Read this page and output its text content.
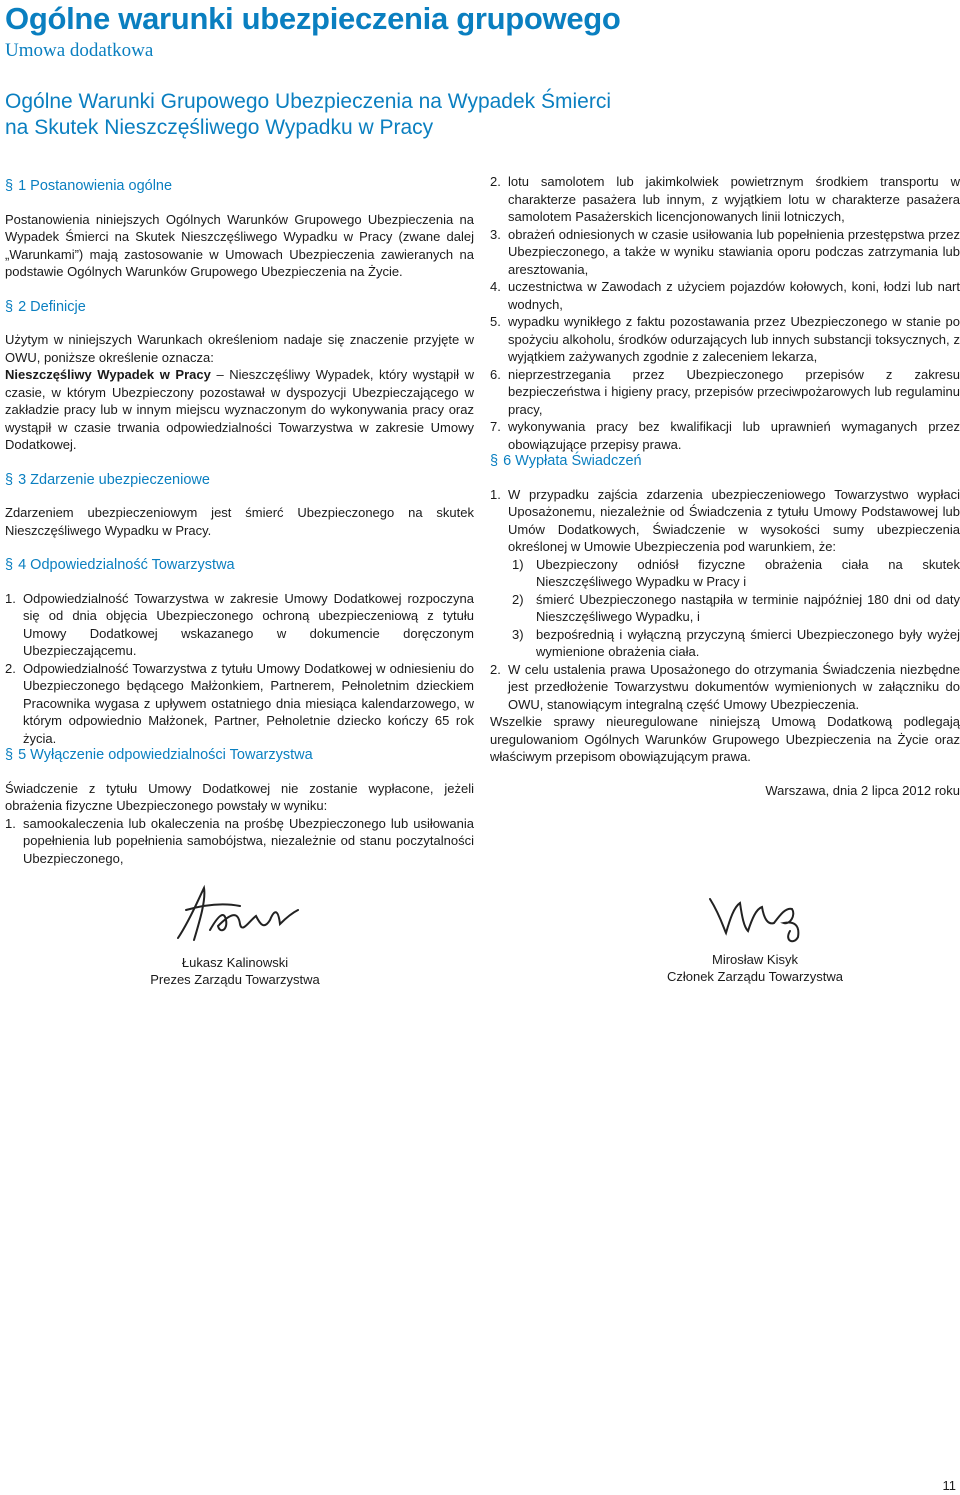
Ogólne warunki ubezpieczenia grupowego
Umowa dodatkowa
Ogólne Warunki Grupowego Ubezpieczenia na Wypadek Śmierci
na Skutek Nieszczęśliwego Wypadku w Pracy
§ 1 Postanowienia ogólne

Postanowienia niniejszych Ogólnych Warunków Grupowego Ubezpieczenia na Wypadek Śmierci na Skutek Nieszczęśliwego Wypadku w Pracy (zwane dalej „Warunkami”) mają zastosowanie w Umowach Ubezpieczenia zawieranych na podstawie Ogólnych Warunków Grupowego Ubezpieczenia na Życie.

§ 2 Definicje

Użytym w niniejszych Warunkach określeniom nadaje się znaczenie przyjęte w OWU, poniższe określenie oznacza:

Nieszczęśliwy Wypadek w Pracy – Nieszczęśliwy Wypadek, który wystąpił w czasie, w którym Ubezpieczony pozostawał w dyspozycji Ubezpieczającego w zakładzie pracy lub w innym miejscu wyznaczonym do wykonywania pracy oraz wystąpił w czasie trwania odpowiedzialności Towarzystwa w zakresie Umowy Dodatkowej.

§ 3 Zdarzenie ubezpieczeniowe

Zdarzeniem ubezpieczeniowym jest śmierć Ubezpieczonego na skutek Nieszczęśliwego Wypadku w Pracy.

§ 4 Odpowiedzialność Towarzystwa
1. Odpowiedzialność Towarzystwa w zakresie Umowy Dodatkowej rozpoczyna się od dnia objęcia Ubezpieczonego ochroną ubezpieczeniową z tytułu Umowy Dodatkowej wskazanego w dokumencie doręczonym Ubezpieczającemu.
2. Odpowiedzialność Towarzystwa z tytułu Umowy Dodatkowej w odniesieniu do Ubezpieczonego będącego Małżonkiem, Partnerem, Pełnoletnim dzieckiem Pracownika wygasa z upływem ostatniego dnia miesiąca kalendarzowego, w którym odpowiednio Małżonek, Partner, Pełnoletnie dziecko kończy 65 rok życia.
§ 5 Wyłączenie odpowiedzialności Towarzystwa

Świadczenie z tytułu Umowy Dodatkowej nie zostanie wypłacone, jeżeli obrażenia fizyczne Ubezpieczonego powstały w wyniku:

1. samookaleczenia lub okaleczenia na prośbę Ubezpieczonego lub usiłowania popełnienia lub popełnienia samobójstwa, niezależnie od stanu poczytalności Ubezpieczonego,
2. lotu samolotem lub jakimkolwiek powietrznym środkiem transportu w charakterze pasażera lub innym, z wyjątkiem lotu w charakterze pasażera samolotem Pasażerskich licencjonowanych linii lotniczych,
3. obrażeń odniesionych w czasie usiłowania lub popełnienia przestępstwa przez Ubezpieczonego, a także w wyniku stawiania oporu podczas zatrzymania lub aresztowania,
4. uczestnictwa w Zawodach z użyciem pojazdów kołowych, koni, łodzi lub nart wodnych,
5. wypadku wynikłego z faktu pozostawania przez Ubezpieczonego w stanie po spożyciu alkoholu, środków odurzających lub innych substancji toksycznych, z wyjątkiem zażywanych zgodnie z zaleceniem lekarza,
6. nieprzestrzegania przez Ubezpieczonego przepisów z zakresu bezpieczeństwa i higieny pracy, przepisów przeciwpożarowych lub regulaminu pracy,
7. wykonywania pracy bez kwalifikacji lub uprawnień wymaganych przez obowiązujące przepisy prawa.
§ 6 Wypłata Świadczeń
1. W przypadku zajścia zdarzenia ubezpieczeniowego Towarzystwo wypłaci Uposażonemu, niezależnie od Świadczenia z tytułu Umowy Podstawowej lub Umów Dodatkowych, Świadczenie w wysokości sumy ubezpieczenia określonej w Umowie Ubezpieczenia pod warunkiem, że:
1) Ubezpieczony odniósł fizyczne obrażenia ciała na skutek Nieszczęśliwego Wypadku w Pracy i
2) śmierć Ubezpieczonego nastąpiła w terminie najpóźniej 180 dni od daty Nieszczęśliwego Wypadku, i
3) bezpośrednią i wyłączną przyczyną śmierci Ubezpieczonego były wyżej wymienione obrażenia ciała.
2. W celu ustalenia prawa Uposażonego do otrzymania Świadczenia niezbędne jest przedłożenie Towarzystwu dokumentów wymienionych w załączniku do OWU, stanowiącym integralną część Umowy Ubezpieczenia.

Wszelkie sprawy nieuregulowane niniejszą Umową Dodatkową podlegają uregulowaniom Ogólnych Warunków Grupowego Ubezpieczenia na Życie oraz właściwym przepisom obowiązującym prawa.

Warszawa, dnia 2 lipca 2012 roku

Łukasz Kalinowski
Prezes Zarządu Towarzystwa
Mirosław Kisyk
Członek Zarządu Towarzystwa
11
